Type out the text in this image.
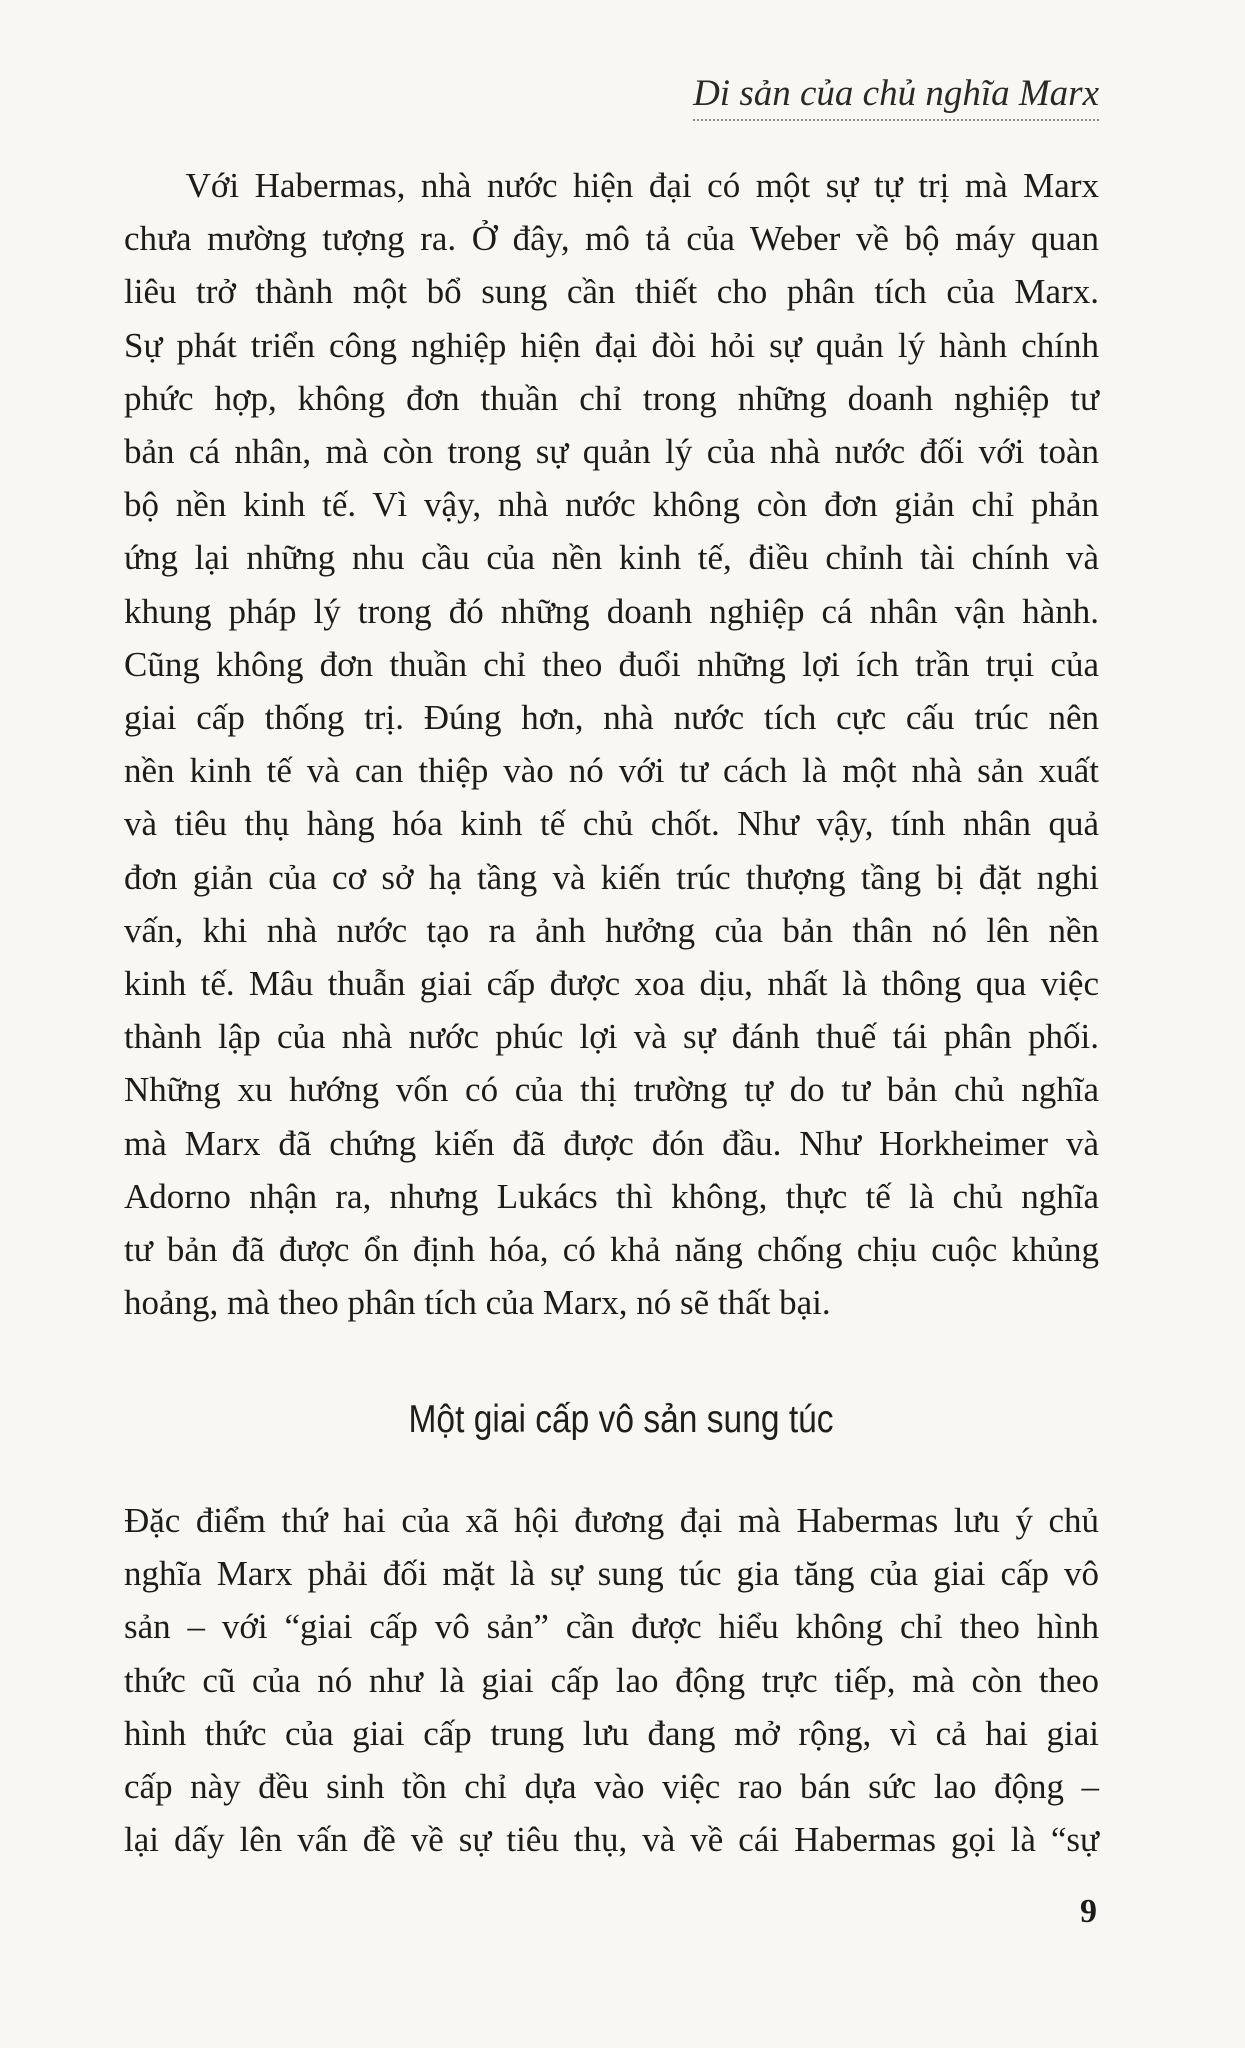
Di sản của chủ nghĩa Marx
Với Habermas, nhà nước hiện đại có một sự tự trị mà Marx
chưa mường tượng ra. Ở đây, mô tả của Weber về bộ máy quan
liêu trở thành một bổ sung cần thiết cho phân tích của Marx.
Sự phát triển công nghiệp hiện đại đòi hỏi sự quản lý hành chính
phức hợp, không đơn thuần chỉ trong những doanh nghiệp tư
bản cá nhân, mà còn trong sự quản lý của nhà nước đối với toàn
bộ nền kinh tế. Vì vậy, nhà nước không còn đơn giản chỉ phản
ứng lại những nhu cầu của nền kinh tế, điều chỉnh tài chính và
khung pháp lý trong đó những doanh nghiệp cá nhân vận hành.
Cũng không đơn thuần chỉ theo đuổi những lợi ích trần trụi của
giai cấp thống trị. Đúng hơn, nhà nước tích cực cấu trúc nên
nền kinh tế và can thiệp vào nó với tư cách là một nhà sản xuất
và tiêu thụ hàng hóa kinh tế chủ chốt. Như vậy, tính nhân quả
đơn giản của cơ sở hạ tầng và kiến trúc thượng tầng bị đặt nghi
vấn, khi nhà nước tạo ra ảnh hưởng của bản thân nó lên nền
kinh tế. Mâu thuẫn giai cấp được xoa dịu, nhất là thông qua việc
thành lập của nhà nước phúc lợi và sự đánh thuế tái phân phối.
Những xu hướng vốn có của thị trường tự do tư bản chủ nghĩa
mà Marx đã chứng kiến đã được đón đầu. Như Horkheimer và
Adorno nhận ra, nhưng Lukács thì không, thực tế là chủ nghĩa
tư bản đã được ổn định hóa, có khả năng chống chịu cuộc khủng
hoảng, mà theo phân tích của Marx, nó sẽ thất bại.
Một giai cấp vô sản sung túc
Đặc điểm thứ hai của xã hội đương đại mà Habermas lưu ý chủ
nghĩa Marx phải đối mặt là sự sung túc gia tăng của giai cấp vô
sản – với “giai cấp vô sản” cần được hiểu không chỉ theo hình
thức cũ của nó như là giai cấp lao động trực tiếp, mà còn theo
hình thức của giai cấp trung lưu đang mở rộng, vì cả hai giai
cấp này đều sinh tồn chỉ dựa vào việc rao bán sức lao động –
lại dấy lên vấn đề về sự tiêu thụ, và về cái Habermas gọi là “sự
9
